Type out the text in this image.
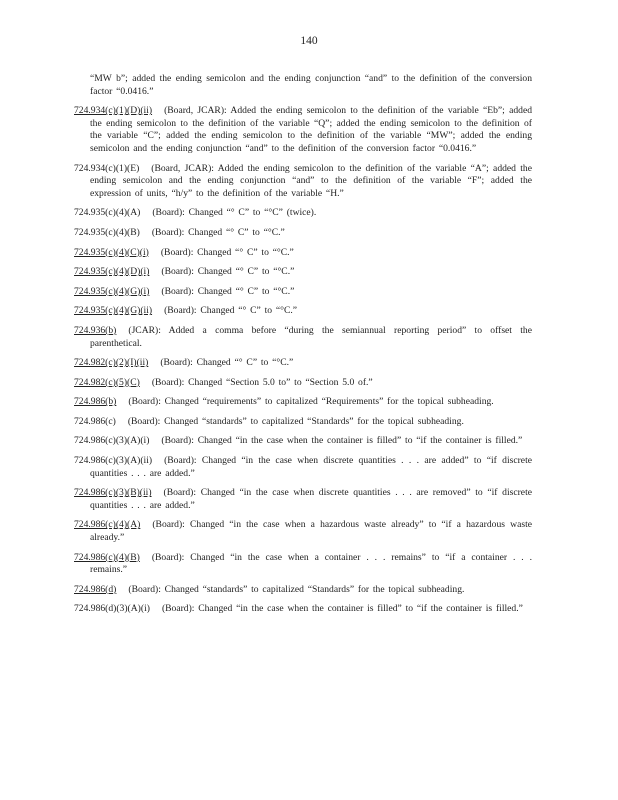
140

“MW b”; added the ending semicolon and the ending conjunction “and” to the definition of the conversion factor “0.0416.”

724.934(c)(1)(D)(ii) (Board, JCAR): Added the ending semicolon to the definition of the variable “Eb”; added the ending semicolon to the definition of the variable “Q”; added the ending semicolon to the definition of the variable “C”; added the ending semicolon to the definition of the variable “MW”; added the ending semicolon and the ending conjunction “and” to the definition of the conversion factor “0.0416.”

724.934(c)(1)(E) (Board, JCAR): Added the ending semicolon to the definition of the variable “A”; added the ending semicolon and the ending conjunction “and” to the definition of the variable “F”; added the expression of units, “h/y” to the definition of the variable “H.”

724.935(c)(4)(A) (Board): Changed “° C” to “°C” (twice).

724.935(c)(4)(B) (Board): Changed “° C” to “°C.”

724.935(c)(4)(C)(i) (Board): Changed “° C” to “°C.”

724.935(c)(4)(D)(i) (Board): Changed “° C” to “°C.”

724.935(c)(4)(G)(i) (Board): Changed “° C” to “°C.”

724.935(c)(4)(G)(ii) (Board): Changed “° C” to “°C.”

724.936(b) (JCAR): Added a comma before “during the semiannual reporting period” to offset the parenthetical.

724.982(c)(2)(I)(ii) (Board): Changed “° C” to “°C.”

724.982(c)(5)(C) (Board): Changed “Section 5.0 to” to “Section 5.0 of.”

724.986(b) (Board): Changed “requirements” to capitalized “Requirements” for the topical subheading.

724.986(c) (Board): Changed “standards” to capitalized “Standards” for the topical subheading.

724.986(c)(3)(A)(i) (Board): Changed “in the case when the container is filled” to “if the container is filled.”

724.986(c)(3)(A)(ii) (Board): Changed “in the case when discrete quantities . . . are added” to “if discrete quantities . . . are added.”

724.986(c)(3)(B)(ii) (Board): Changed “in the case when discrete quantities . . . are removed” to “if discrete quantities . . . are added.”

724.986(c)(4)(A) (Board): Changed “in the case when a hazardous waste already” to “if a hazardous waste already.”

724.986(c)(4)(B) (Board): Changed “in the case when a container . . . remains” to “if a container . . . remains.”

724.986(d) (Board): Changed “standards” to capitalized “Standards” for the topical subheading.

724.986(d)(3)(A)(i) (Board): Changed “in the case when the container is filled” to “if the container is filled.”
